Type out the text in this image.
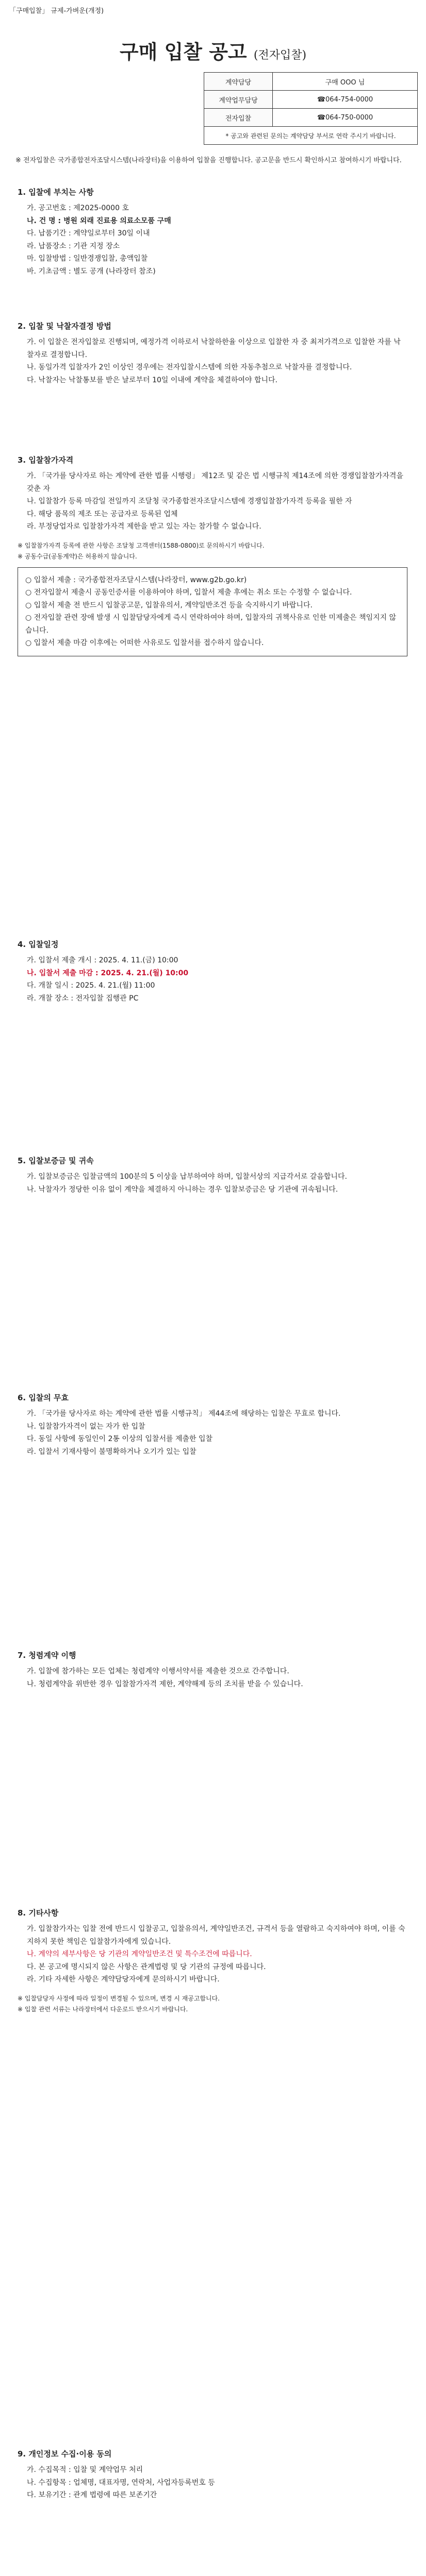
「구매입찰」 규제-가벼운(개정)
구매 입찰 공고 (전자입찰)
계약담당	구매 OOO 님
계약업무담당	☎064-754-0000
전자입찰	☎064-750-0000
* 공고와 관련된 문의는 계약담당 부서로 연락 주시기 바랍니다.	
※ 전자입찰은 국가종합전자조달시스템(나라장터)을 이용하여 입찰을 진행합니다. 공고문을 반드시 확인하시고 참여하시기 바랍니다.
1. 입찰에 부치는 사항

가. 공고번호 : 제2025-0000 호

나. 건 명 : 병원 외래 진료용 의료소모품 구매

다. 납품기간 : 계약일로부터 30일 이내

라. 납품장소 : 기관 지정 장소

마. 입찰방법 : 일반경쟁입찰, 총액입찰

바. 기초금액 : 별도 공개 (나라장터 참조)

2. 입찰 및 낙찰자결정 방법

가. 이 입찰은 전자입찰로 진행되며, 예정가격 이하로서 낙찰하한율 이상으로 입찰한 자 중 최저가격으로 입찰한 자를 낙찰자로 결정합니다.

나. 동일가격 입찰자가 2인 이상인 경우에는 전자입찰시스템에 의한 자동추첨으로 낙찰자를 결정합니다.

다. 낙찰자는 낙찰통보를 받은 날로부터 10일 이내에 계약을 체결하여야 합니다.

3. 입찰참가자격

가. 「국가를 당사자로 하는 계약에 관한 법률 시행령」 제12조 및 같은 법 시행규칙 제14조에 의한 경쟁입찰참가자격을 갖춘 자

나. 입찰참가 등록 마감일 전일까지 조달청 국가종합전자조달시스템에 경쟁입찰참가자격 등록을 필한 자

다. 해당 품목의 제조 또는 공급자로 등록된 업체

라. 부정당업자로 입찰참가자격 제한을 받고 있는 자는 참가할 수 없습니다.

※ 입찰참가자격 등록에 관한 사항은 조달청 고객센터(1588-0800)로 문의하시기 바랍니다.

※ 공동수급(공동계약)은 허용하지 않습니다.

○ 입찰서 제출 : 국가종합전자조달시스템(나라장터, www.g2b.go.kr)

○ 전자입찰서 제출시 공동인증서를 이용하여야 하며, 입찰서 제출 후에는 취소 또는 수정할 수 없습니다.

○ 입찰서 제출 전 반드시 입찰공고문, 입찰유의서, 계약일반조건 등을 숙지하시기 바랍니다.

○ 전자입찰 관련 장애 발생 시 입찰담당자에게 즉시 연락하여야 하며, 입찰자의 귀책사유로 인한 미제출은 책임지지 않습니다.

○ 입찰서 제출 마감 이후에는 어떠한 사유로도 입찰서를 접수하지 않습니다.

4. 입찰일정

가. 입찰서 제출 개시 : 2025. 4. 11.(금) 10:00

나. 입찰서 제출 마감 : 2025. 4. 21.(월) 10:00

다. 개찰 일시 : 2025. 4. 21.(월) 11:00

라. 개찰 장소 : 전자입찰 집행관 PC

5. 입찰보증금 및 귀속

가. 입찰보증금은 입찰금액의 100분의 5 이상을 납부하여야 하며, 입찰서상의 지급각서로 갈음합니다.

나. 낙찰자가 정당한 이유 없이 계약을 체결하지 아니하는 경우 입찰보증금은 당 기관에 귀속됩니다.

6. 입찰의 무효

가. 「국가를 당사자로 하는 계약에 관한 법률 시행규칙」 제44조에 해당하는 입찰은 무효로 합니다.

나. 입찰참가자격이 없는 자가 한 입찰

다. 동일 사항에 동일인이 2통 이상의 입찰서를 제출한 입찰

라. 입찰서 기재사항이 불명확하거나 오기가 있는 입찰

7. 청렴계약 이행

가. 입찰에 참가하는 모든 업체는 청렴계약 이행서약서를 제출한 것으로 간주합니다.

나. 청렴계약을 위반한 경우 입찰참가자격 제한, 계약해제 등의 조치를 받을 수 있습니다.

8. 기타사항

가. 입찰참가자는 입찰 전에 반드시 입찰공고, 입찰유의서, 계약일반조건, 규격서 등을 열람하고 숙지하여야 하며, 이를 숙지하지 못한 책임은 입찰참가자에게 있습니다.

나. 계약의 세부사항은 당 기관의 계약일반조건 및 특수조건에 따릅니다.

다. 본 공고에 명시되지 않은 사항은 관계법령 및 당 기관의 규정에 따릅니다.

라. 기타 자세한 사항은 계약담당자에게 문의하시기 바랍니다.

※ 입찰담당자 사정에 따라 일정이 변경될 수 있으며, 변경 시 재공고합니다.

※ 입찰 관련 서류는 나라장터에서 다운로드 받으시기 바랍니다.

9. 개인정보 수집·이용 동의

가. 수집목적 : 입찰 및 계약업무 처리

나. 수집항목 : 업체명, 대표자명, 연락처, 사업자등록번호 등

다. 보유기간 : 관계 법령에 따른 보존기간
